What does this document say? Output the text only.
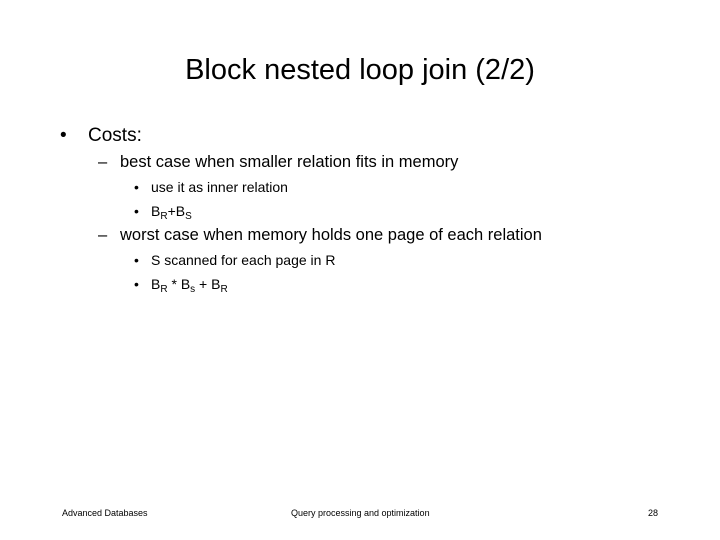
Block nested loop join (2/2)
• Costs:
– best case when smaller relation fits in memory
• use it as inner relation
• $B_R+B_S$
– worst case when memory holds one page of each relation
• S scanned for each page in R
• $B_R * B_s + B_R$
Advanced Databases	Query processing and optimization	28
